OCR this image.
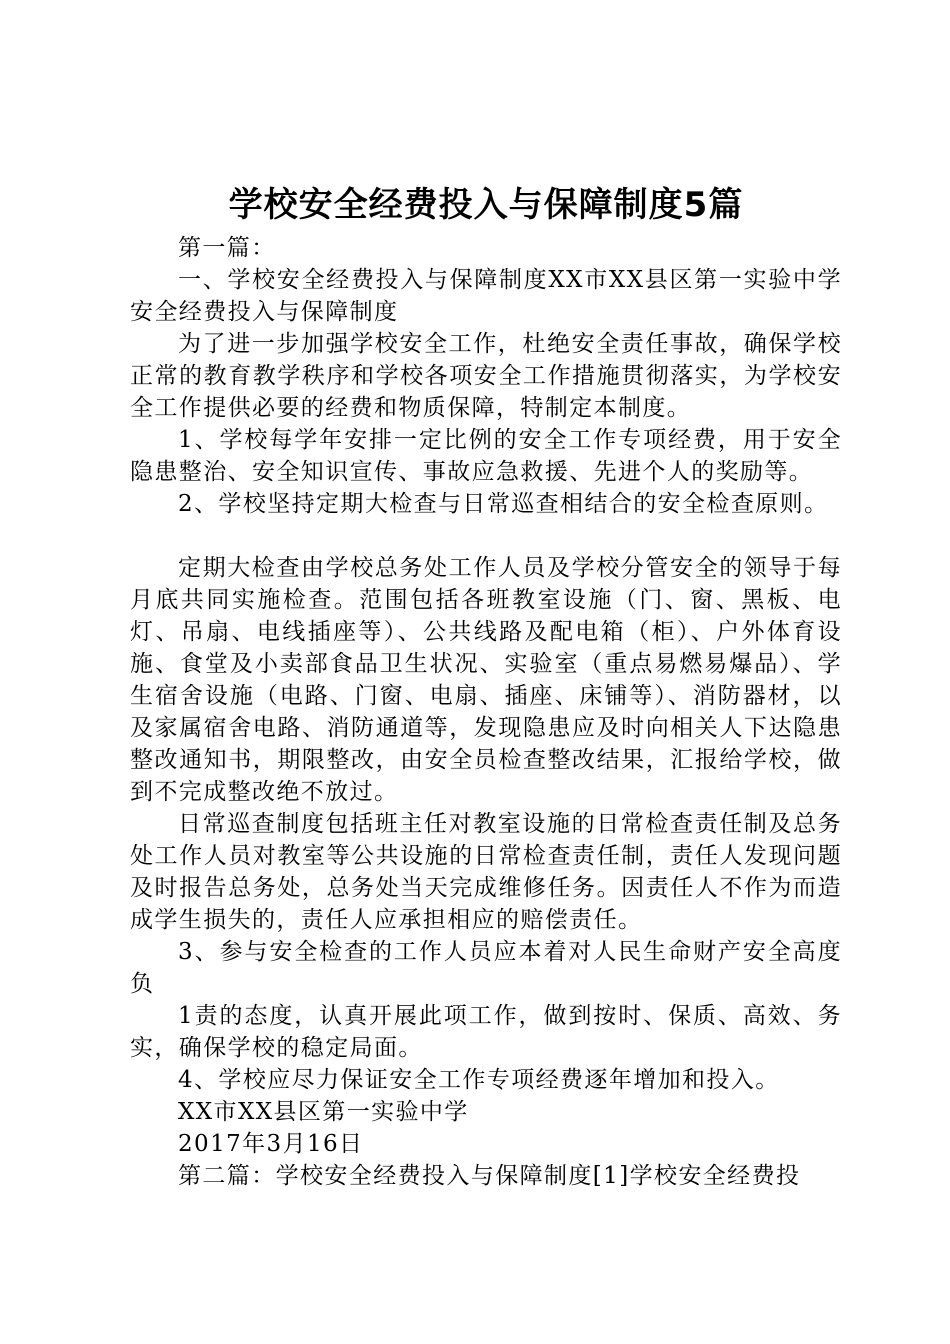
学校安全经费投入与保障制度5篇

第一篇：

一、学校安全经费投入与保障制度XX市XX县区第一实验中学安全经费投入与保障制度

为了进一步加强学校安全工作，杜绝安全责任事故，确保学校正常的教育教学秩序和学校各项安全工作措施贯彻落实，为学校安全工作提供必要的经费和物质保障，特制定本制度。

1、学校每学年安排一定比例的安全工作专项经费，用于安全隐患整治、安全知识宣传、事故应急救援、先进个人的奖励等。

2、学校坚持定期大检查与日常巡查相结合的安全检查原则。

定期大检查由学校总务处工作人员及学校分管安全的领导于每月底共同实施检查。范围包括各班教室设施（门、窗、黑板、电灯、吊扇、电线插座等）、公共线路及配电箱（柜）、户外体育设施、食堂及小卖部食品卫生状况、实验室（重点易燃易爆品）、学生宿舍设施（电路、门窗、电扇、插座、床铺等）、消防器材，以及家属宿舍电路、消防通道等，发现隐患应及时向相关人下达隐患整改通知书，期限整改，由安全员检查整改结果，汇报给学校，做到不完成整改绝不放过。

日常巡查制度包括班主任对教室设施的日常检查责任制及总务处工作人员对教室等公共设施的日常检查责任制，责任人发现问题及时报告总务处，总务处当天完成维修任务。因责任人不作为而造成学生损失的，责任人应承担相应的赔偿责任。

3、参与安全检查的工作人员应本着对人民生命财产安全高度负

1责的态度，认真开展此项工作，做到按时、保质、高效、务实，确保学校的稳定局面。

4、学校应尽力保证安全工作专项经费逐年增加和投入。

XX市XX县区第一实验中学

2017年3月16日

第二篇：学校安全经费投入与保障制度[1]学校安全经费投
